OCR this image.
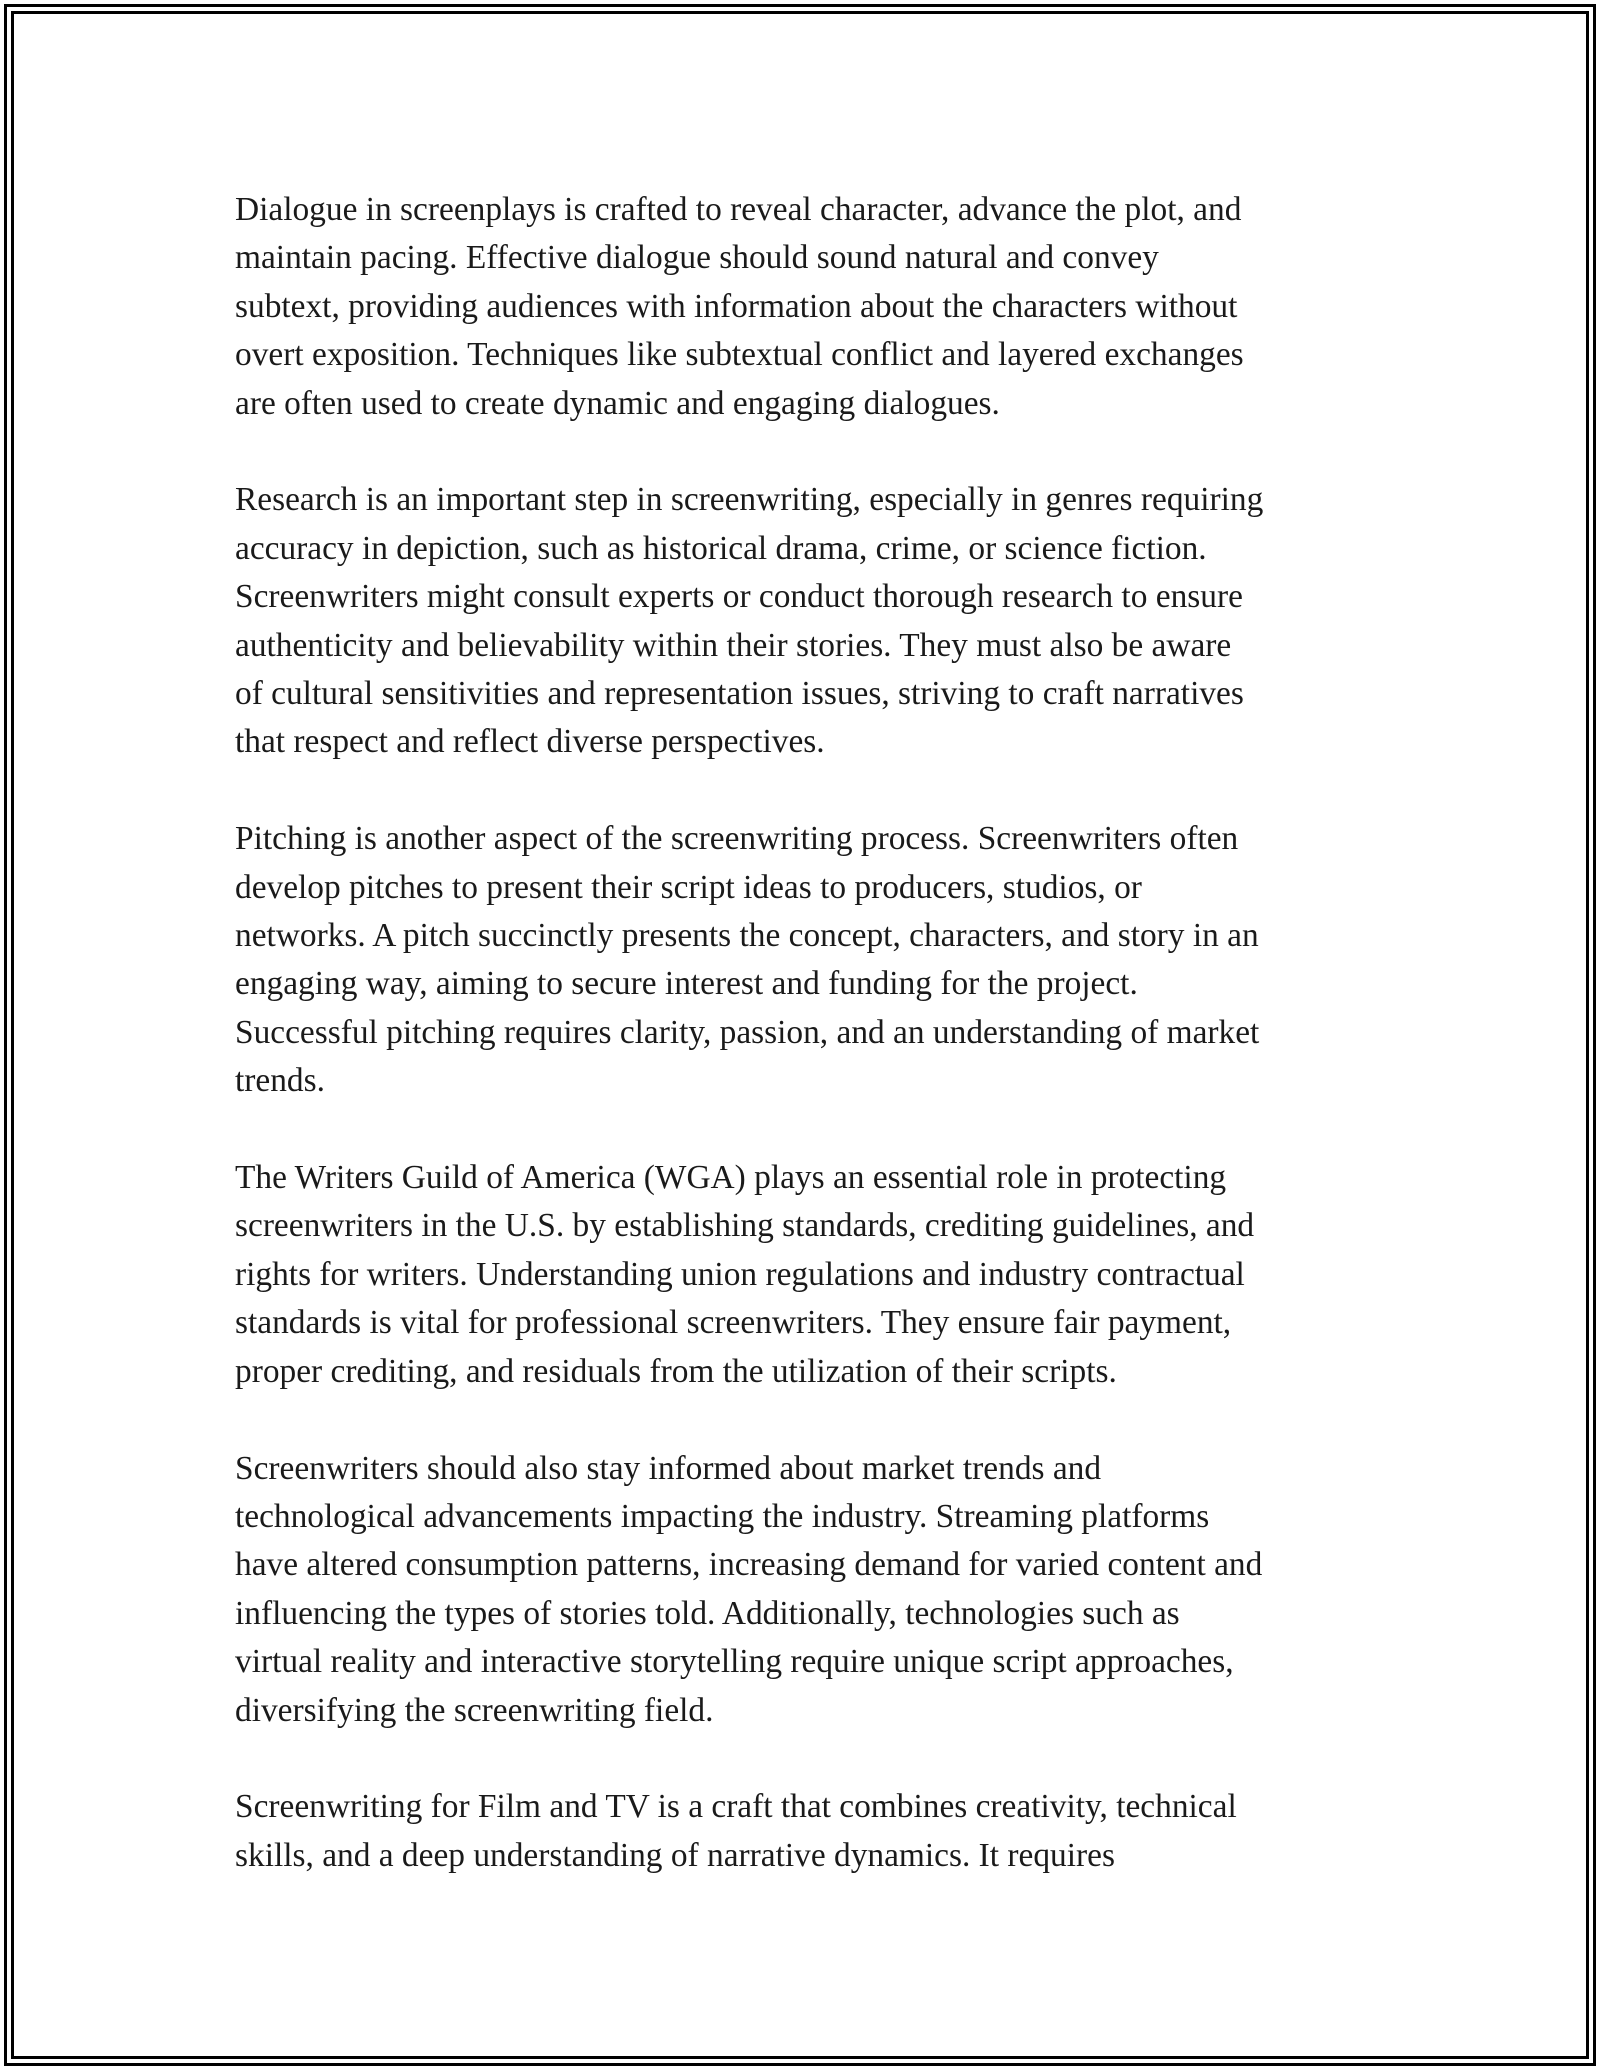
Dialogue in screenplays is crafted to reveal character, advance the plot, and
maintain pacing. Effective dialogue should sound natural and convey
subtext, providing audiences with information about the characters without
overt exposition. Techniques like subtextual conflict and layered exchanges
are often used to create dynamic and engaging dialogues.

Research is an important step in screenwriting, especially in genres requiring
accuracy in depiction, such as historical drama, crime, or science fiction.
Screenwriters might consult experts or conduct thorough research to ensure
authenticity and believability within their stories. They must also be aware
of cultural sensitivities and representation issues, striving to craft narratives
that respect and reflect diverse perspectives.

Pitching is another aspect of the screenwriting process. Screenwriters often
develop pitches to present their script ideas to producers, studios, or
networks. A pitch succinctly presents the concept, characters, and story in an
engaging way, aiming to secure interest and funding for the project.
Successful pitching requires clarity, passion, and an understanding of market
trends.

The Writers Guild of America (WGA) plays an essential role in protecting
screenwriters in the U.S. by establishing standards, crediting guidelines, and
rights for writers. Understanding union regulations and industry contractual
standards is vital for professional screenwriters. They ensure fair payment,
proper crediting, and residuals from the utilization of their scripts.

Screenwriters should also stay informed about market trends and
technological advancements impacting the industry. Streaming platforms
have altered consumption patterns, increasing demand for varied content and
influencing the types of stories told. Additionally, technologies such as
virtual reality and interactive storytelling require unique script approaches,
diversifying the screenwriting field.

Screenwriting for Film and TV is a craft that combines creativity, technical
skills, and a deep understanding of narrative dynamics. It requires
